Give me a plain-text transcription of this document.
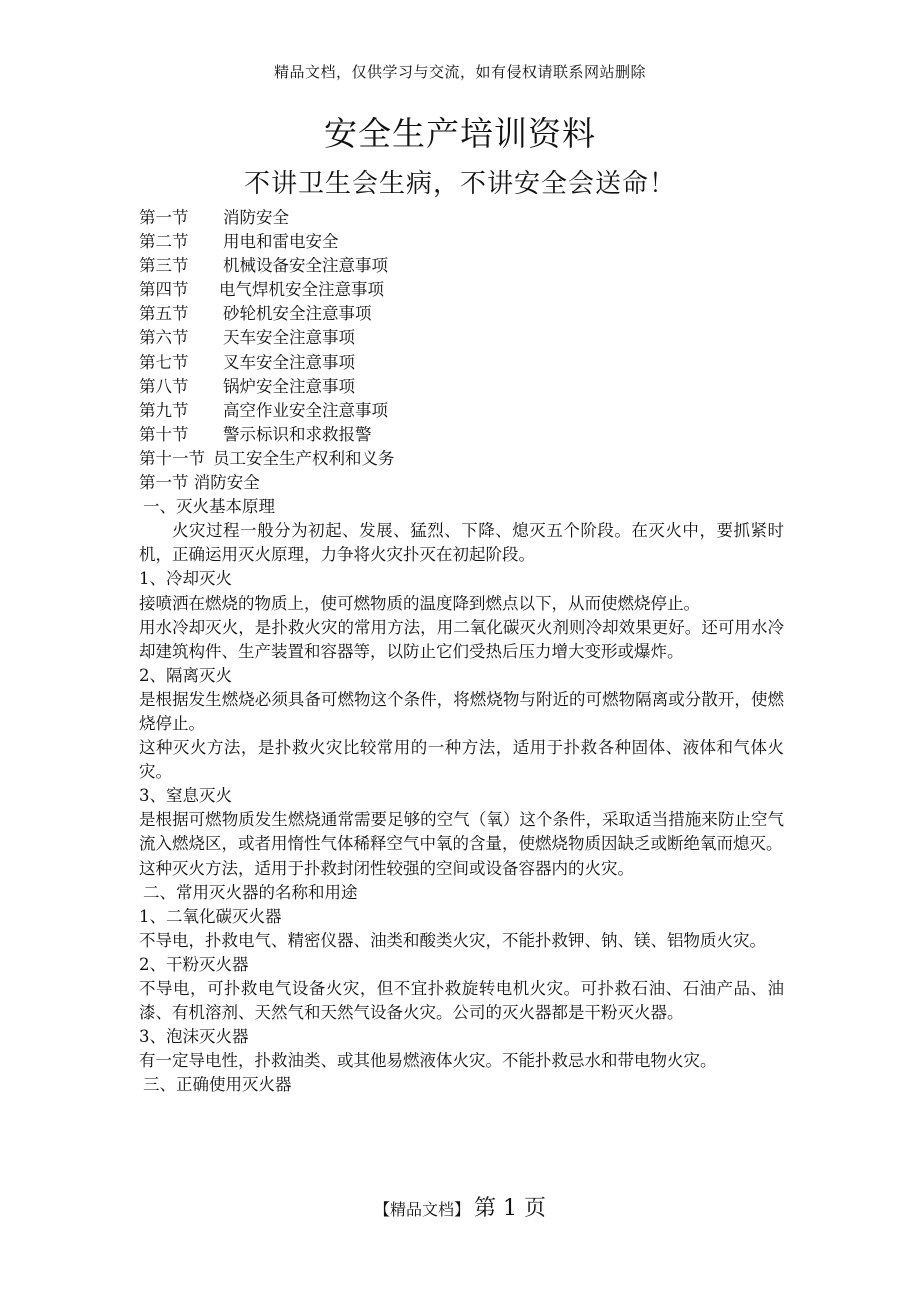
精品文档，仅供学习与交流，如有侵权请联系网站删除
安全生产培训资料
不讲卫生会生病，不讲安全会送命！
第一节 消防安全
第二节 用电和雷电安全
第三节 机械设备安全注意事项
第四节 电气焊机安全注意事项
第五节 砂轮机安全注意事项
第六节 天车安全注意事项
第七节 叉车安全注意事项
第八节 锅炉安全注意事项
第九节 高空作业安全注意事项
第十节 警示标识和求救报警
第十一节 员工安全生产权利和义务
第一节 消防安全
一、灭火基本原理
火灾过程一般分为初起、发展、猛烈、下降、熄灭五个阶段。在灭火中，要抓紧时机，正确运用灭火原理，力争将火灾扑灭在初起阶段。
1、冷却灭火
接喷洒在燃烧的物质上，使可燃物质的温度降到燃点以下，从而使燃烧停止。
用水冷却灭火，是扑救火灾的常用方法，用二氧化碳灭火剂则冷却效果更好。还可用水冷却建筑构件、生产装置和容器等，以防止它们受热后压力增大变形或爆炸。
2、隔离灭火
是根据发生燃烧必须具备可燃物这个条件，将燃烧物与附近的可燃物隔离或分散开，使燃烧停止。
这种灭火方法，是扑救火灾比较常用的一种方法，适用于扑救各种固体、液体和气体火灾。
3、窒息灭火
是根据可燃物质发生燃烧通常需要足够的空气（氧）这个条件，采取适当措施来防止空气流入燃烧区，或者用惰性气体稀释空气中氧的含量，使燃烧物质因缺乏或断绝氧而熄灭。
这种灭火方法，适用于扑救封闭性较强的空间或设备容器内的火灾。
二、常用灭火器的名称和用途
1、二氧化碳灭火器
不导电，扑救电气、精密仪器、油类和酸类火灾，不能扑救钾、钠、镁、铝物质火灾。
2、干粉灭火器
不导电，可扑救电气设备火灾，但不宜扑救旋转电机火灾。可扑救石油、石油产品、油漆、有机溶剂、天然气和天然气设备火灾。公司的灭火器都是干粉灭火器。
3、泡沫灭火器
有一定导电性，扑救油类、或其他易燃液体火灾。不能扑救忌水和带电物火灾。
三、正确使用灭火器
【精品文档】 第 1 页
